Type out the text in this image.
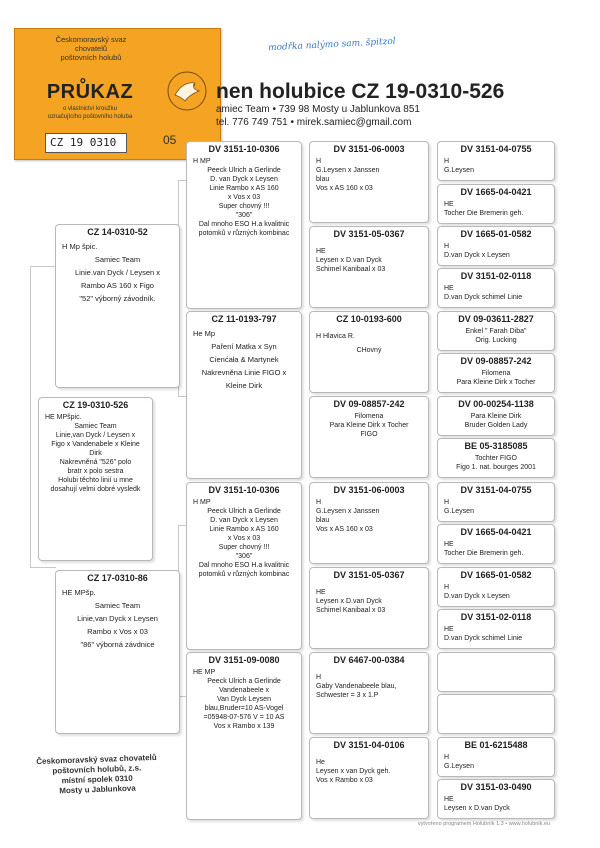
modřka nalýmo sam. špitzol
Českomoravský svaz
chovatelů
poštovních holubů
PRŮKAZ
o vlastnictví kroužku
označujícího poštovního holuba
CZ 19 0310	05
nen holubice CZ 19-0310-526
amiec Team • 739 98 Mosty u Jablunkova 851
tel. 776 749 751 • mirek.samiec@gmail.com
CZ 19-0310-526
HE MPšpic.
Samiec Team
Linie,van Dyck / Leysen x
Figo x Vandenabele x Kleine
Dirk
Nakrevněná "526" polo
bratr x polo sestra
Holubi těchto linií u mne
dosahují velmi dobré vysledk
CZ 14-0310-52
H Mp špic.
Samiec Team
Linie.van Dyck / Leysen x
Rambo AS 160 x Figo
"52" výborný závodník.
CZ 17-0310-86
HE MPšp.
Samiec Team
Linie,van Dyck x Leysen
Rambo x Vos x 03
"86" výborná závdnice
DV 3151-10-0306
H MP
Peeck Ulrich a Gerlinde
D. van Dyck x Leysen
Linie Rambo x AS 160
x Vos x 03
Super chovný !!!
"306"
Dal mnoho ESO H.a kvalitnic
potomků v různých kombinac
CZ 11-0193-797
He Mp
Paření Matka x Syn
Cienćała & Martynek
Nakrevněna Linie FIGO x
Kleine Dirk
DV 3151-10-0306
H MP
Peeck Ulrich a Gerlinde
D. van Dyck x Leysen
Linie Rambo x AS 160
x Vos x 03
Super chovný !!!
"306"
Dal mnoho ESO H.a kvalitnic
potomků v různých kombinac
DV 3151-09-0080
HE MP
Peeck Ulrich a Gerlinde
Vandenabeele x
Van Dyck Leysen
blau,Bruder=10 AS-Vogel
=05948-07-576 V = 10 AS
Vos x Rambo x 139
DV 3151-06-0003
H
G.Leysen x Janssen
blau
Vos x AS 160 x 03
DV 3151-05-0367
HE
Leysen x D.van Dyck
Schimel Kanibaal x 03
CZ 10-0193-600
H Hlavica R.
CHovný
DV 09-08857-242
Filomena
Para Kleine Dirk x Tocher
FIGO
DV 3151-06-0003
H
G.Leysen x Janssen
blau
Vos x AS 160 x 03
DV 3151-05-0367
HE
Leysen x D.van Dyck
Schimel Kanibaal x 03
DV 6467-00-0384
H
Gaby Vandenabeele blau,
Schwester = 3 x 1.P
DV 3151-04-0106
He
Leysen x van Dyck geh.
Vos x Rambo x 03
DV 3151-04-0755
H
G.Leysen
DV 1665-04-0421
HE
Tocher Die Bremerin geh.
DV 1665-01-0582
H
D.van Dyck x Leysen
DV 3151-02-0118
HE
D.van Dyck schimel Linie
DV 09-03611-2827
Enkel " Farah Diba"
Orig. Lucking
DV 09-08857-242
Filomena
Para Kleine Dirk x Tocher
DV 00-00254-1138
Para Kleine Dirk
Bruder Golden Lady
BE 05-3185085
Tochter FIGO
Figo 1. nat. bourges 2001
DV 3151-04-0755
H
G.Leysen
DV 1665-04-0421
HE
Tocher Die Bremerin geh.
DV 1665-01-0582
H
D.van Dyck x Leysen
DV 3151-02-0118
HE
D.van Dyck schimel Linie
BE 01-6215488
H
G.Leysen
DV 3151-03-0490
HE
Leysen x D.van Dyck
Českomoravský svaz chovatelů
poštovních holubů, z.s.
místní spolek 0310
Mosty u Jablunkova
vytvořeno programem Holubník 1.3 • www.holubnik.eu
